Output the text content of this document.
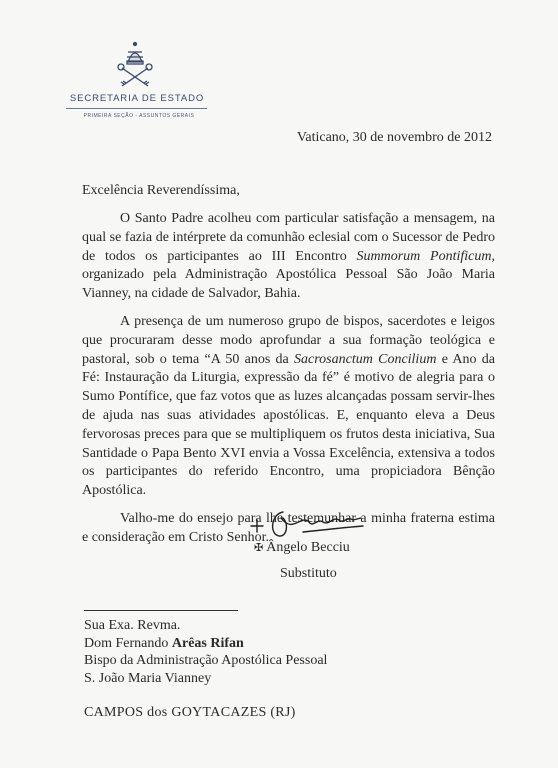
SECRETARIA DE ESTADO
PRIMEIRA SEÇÃO - ASSUNTOS GERAIS
Vaticano, 30 de novembro de 2012
Excelência Reverendíssima,

O Santo Padre acolheu com particular satisfação a mensagem, na qual se fazia de intérprete da comunhão eclesial com o Sucessor de Pedro de todos os participantes ao III Encontro Summorum Pontificum, organizado pela Administração Apostólica Pessoal São João Maria Vianney, na cidade de Salvador, Bahia.

A presença de um numeroso grupo de bispos, sacerdotes e leigos que procuraram desse modo aprofundar a sua formação teológica e pastoral, sob o tema “A 50 anos da Sacrosanctum Concilium e Ano da Fé: Instauração da Liturgia, expressão da fé” é motivo de alegria para o Sumo Pontífice, que faz votos que as luzes alcançadas possam servir-lhes de ajuda nas suas atividades apostólicas. E, enquanto eleva a Deus fervorosas preces para que se multipliquem os frutos desta iniciativa, Sua Santidade o Papa Bento XVI envia a Vossa Excelência, extensiva a todos os participantes do referido Encontro, uma propiciadora Bênção Apostólica.

Valho-me do ensejo para lhe testemunhar a minha fraterna estima e consideração em Cristo Senhor.

✠ Ângelo Becciu
Substituto
Sua Exa. Revma.
Dom Fernando Arêas Rifan
Bispo da Administração Apostólica Pessoal
S. João Maria Vianney
CAMPOS dos GOYTACAZES (RJ)
